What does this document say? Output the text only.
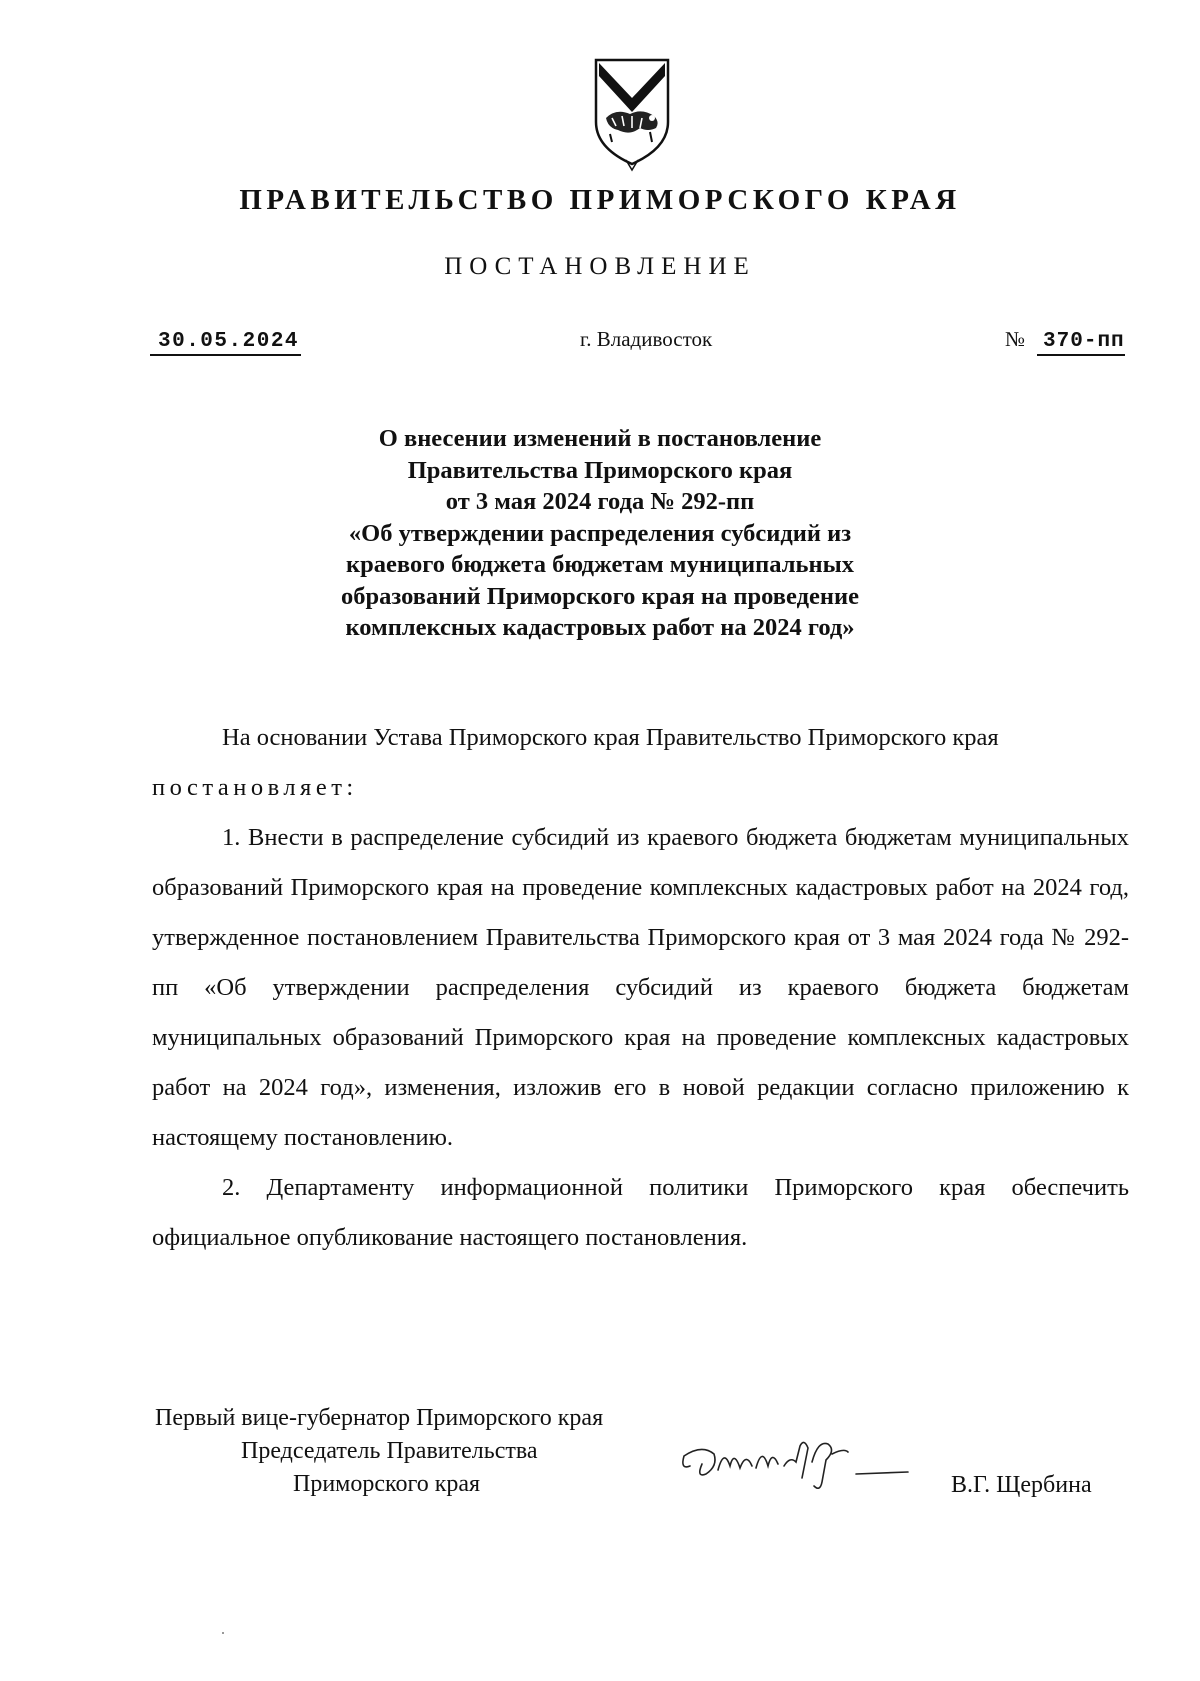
ПРАВИТЕЛЬСТВО ПРИМОРСКОГО КРАЯ
ПОСТАНОВЛЕНИЕ
30.05.2024	г. Владивосток	№ 370-пп
О внесении изменений в постановление
Правительства Приморского края
от 3 мая 2024 года № 292-пп
«Об утверждении распределения субсидий из
краевого бюджета бюджетам муниципальных
образований Приморского края на проведение
комплексных кадастровых работ на 2024 год»

На основании Устава Приморского края Правительство Приморского края

постановляет:

1. Внести в распределение субсидий из краевого бюджета бюджетам муниципальных образований Приморского края на проведение комплексных кадастровых работ на 2024 год, утвержденное постановлением Правительства Приморского края от 3 мая 2024 года № 292-пп «Об утверждении распределения субсидий из краевого бюджета бюджетам муниципальных образований Приморского края на проведение комплексных кадастровых работ на 2024 год», изменения, изложив его в новой редакции согласно приложению к настоящему постановлению.

2. Департаменту информационной политики Приморского края обеспечить официальное опубликование настоящего постановления.

Первый вице-губернатор Приморского края
Председатель Правительства
Приморского края	В.Г. Щербина
